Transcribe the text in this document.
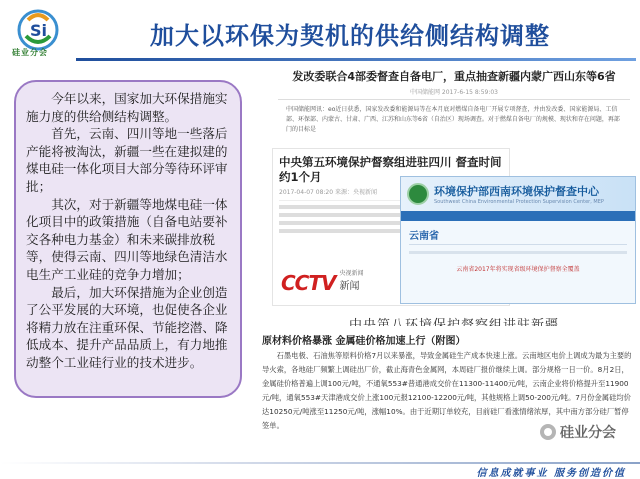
Si
硅业分会
加大以环保为契机的供给侧结构调整

今年以来，国家加大环保措施实施力度的供给侧结构调整。

首先，云南、四川等地一些落后产能将被淘汰，新疆一些在建拟建的煤电硅一体化项目大部分等待环评审批；

其次，对于新疆等地煤电硅一体化项目中的政策措施（自备电站要补交各种电力基金）和未来碳排放税等，使得云南、四川等地绿色清洁水电生产工业硅的竞争力增加；

最后，加大环保措施为企业创造了公平发展的大环境，也促使各企业将精力放在注重环保、节能挖潜、降低成本、提升产品品质上，有力地推动整个工业硅行业的技术进步。

发改委联合4部委督查自备电厂，重点抽查新疆内蒙广西山东等6省
中国储能网 2017-6-15 8:59:03
中国储能网讯：eo近日获悉，国家发改委和能源局等在本月底对燃煤自备电厂开展专项督查，并由发改委、国家能源局、工信部、环保部、内蒙古、甘肃、广西、江苏和山东等6省（自治区）现场调查。对于燃煤自备电厂的规模、现状和存在问题，再部门的目标是
中央第五环境保护督察组进驻四川 督查时间约1个月
2017-04-07 08:20 来源：央视新闻
CCTV 央视新闻
新闻
环境保护部西南环境保护督查中心
Southwest China Environmental Protection Supervision Center, MEP
云南省
云南省2017年将实现省级环境保护督察全覆盖
原材料价格暴涨 金属硅价格加速上行（附图）
石墨电极、石油焦等原料价格7月以来暴涨，导致金属硅生产成本快速上涨。云南地区电价上调成为最为主要的导火索，各地硅厂频繁上调硅出厂价，截止海青色金属网，本周硅厂报价继续上调。部分规格一日一价。8月2日，金属硅价格普遍上调100元/吨，不通氧553#普通港成交价在11300-11400元/吨，云南企业将价格提升至11900元/吨，通氧553#天津港成交价上涨100元报12100-12200元/吨，其他规格上调50-200元/吨。7月份金属硅均价达10250元/吨涨至11250元/吨，涨幅10%。由于近期订单较充，目前硅厂看涨情绪浓厚，其中南方部分硅厂暂停签单。	硅业分会
信息成就事业 服务创造价值
